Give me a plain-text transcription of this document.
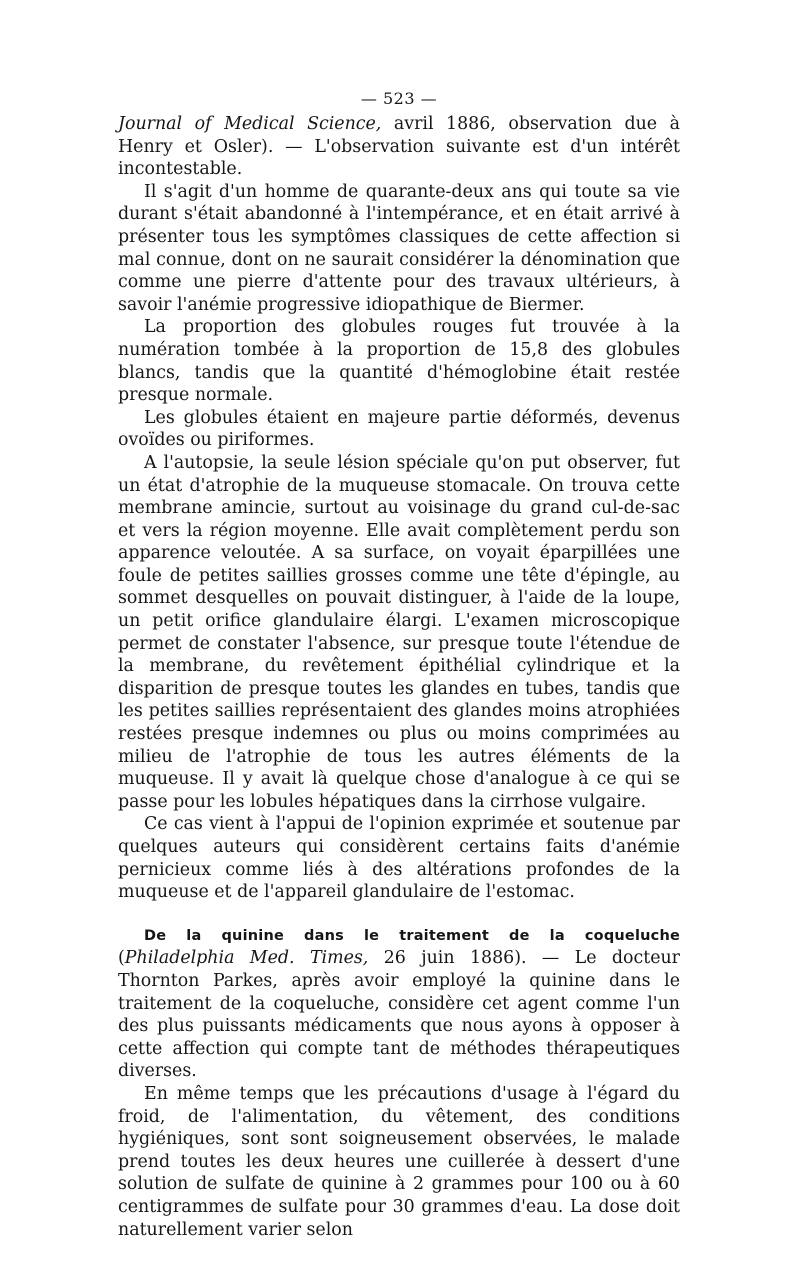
— 523 —

Journal of Medical Science, avril 1886, observation due à Henry et Osler). — L'observation suivante est d'un intérêt incontestable.

Il s'agit d'un homme de quarante-deux ans qui toute sa vie durant s'était abandonné à l'intempérance, et en était arrivé à présenter tous les symptômes classiques de cette affection si mal connue, dont on ne saurait considérer la dénomination que comme une pierre d'attente pour des travaux ultérieurs, à savoir l'anémie progressive idiopathique de Biermer.

La proportion des globules rouges fut trouvée à la numération tombée à la proportion de 15,8 des globules blancs, tandis que la quantité d'hémoglobine était restée presque normale.

Les globules étaient en majeure partie déformés, devenus ovoïdes ou piriformes.

A l'autopsie, la seule lésion spéciale qu'on put observer, fut un état d'atrophie de la muqueuse stomacale. On trouva cette membrane amincie, surtout au voisinage du grand cul-de-sac et vers la région moyenne. Elle avait complètement perdu son apparence veloutée. A sa surface, on voyait éparpillées une foule de petites saillies grosses comme une tête d'épingle, au sommet desquelles on pouvait distinguer, à l'aide de la loupe, un petit orifice glandulaire élargi. L'examen microscopique permet de constater l'absence, sur presque toute l'étendue de la membrane, du revêtement épithélial cylindrique et la disparition de presque toutes les glandes en tubes, tandis que les petites saillies représentaient des glandes moins atrophiées restées presque indemnes ou plus ou moins comprimées au milieu de l'atrophie de tous les autres éléments de la muqueuse. Il y avait là quelque chose d'analogue à ce qui se passe pour les lobules hépatiques dans la cirrhose vulgaire.

Ce cas vient à l'appui de l'opinion exprimée et soutenue par quelques auteurs qui considèrent certains faits d'anémie pernicieux comme liés à des altérations profondes de la muqueuse et de l'appareil glandulaire de l'estomac.

De la quinine dans le traitement de la coqueluche (Philadelphia Med. Times, 26 juin 1886). — Le docteur Thornton Parkes, après avoir employé la quinine dans le traitement de la coqueluche, considère cet agent comme l'un des plus puissants médicaments que nous ayons à opposer à cette affection qui compte tant de méthodes thérapeutiques diverses.

En même temps que les précautions d'usage à l'égard du froid, de l'alimentation, du vêtement, des conditions hygiéniques, sont sont soigneusement observées, le malade prend toutes les deux heures une cuillerée à dessert d'une solution de sulfate de quinine à 2 grammes pour 100 ou à 60 centigrammes de sulfate pour 30 grammes d'eau. La dose doit naturellement varier selon
